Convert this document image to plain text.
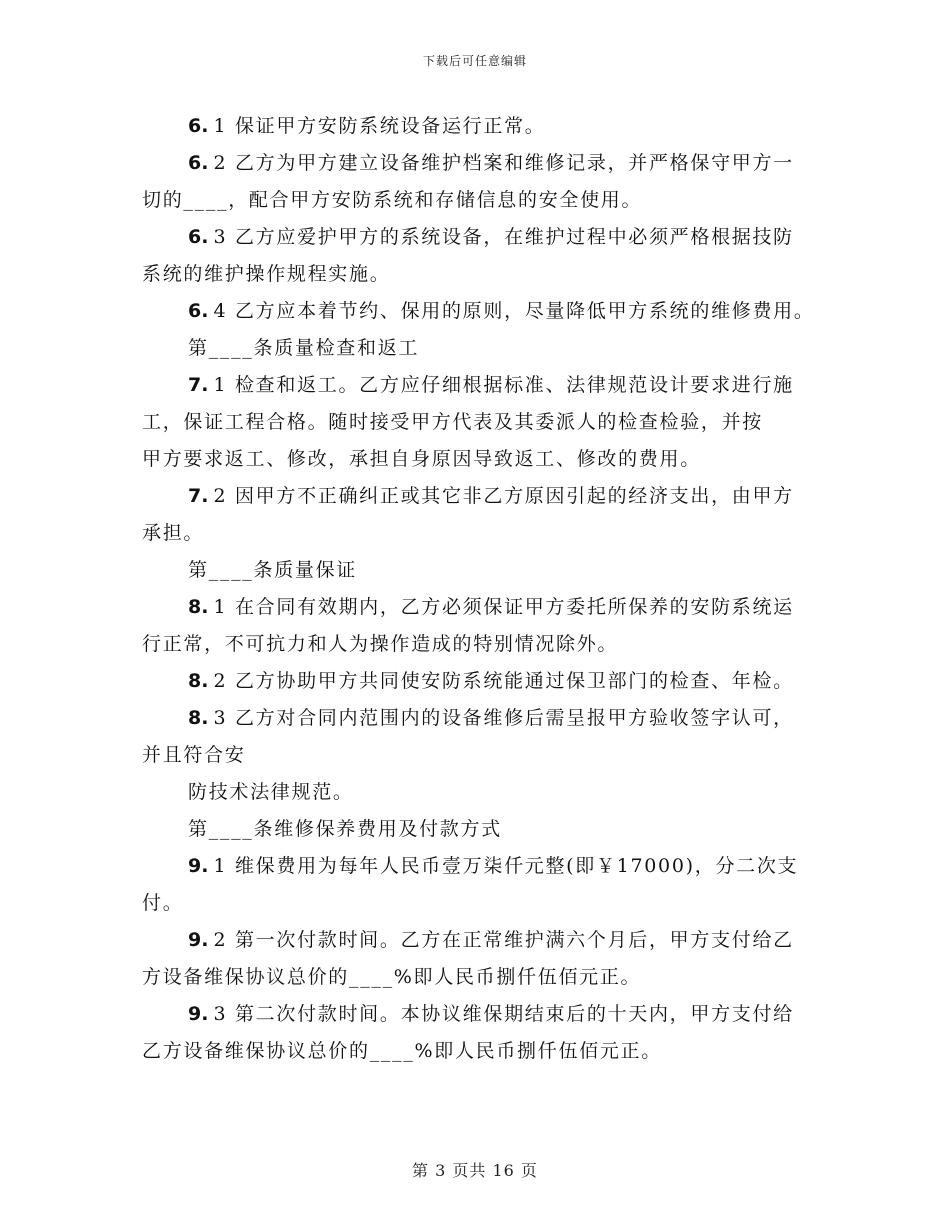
下载后可任意编辑
6. 1 保证甲方安防系统设备运行正常。
6. 2 乙方为甲方建立设备维护档案和维修记录，并严格保守甲方一
切的____，配合甲方安防系统和存储信息的安全使用。
6. 3 乙方应爱护甲方的系统设备，在维护过程中必须严格根据技防
系统的维护操作规程实施。
6. 4 乙方应本着节约、保用的原则，尽量降低甲方系统的维修费用。
第____条质量检查和返工
7. 1 检查和返工。乙方应仔细根据标准、法律规范设计要求进行施
工，保证工程合格。随时接受甲方代表及其委派人的检查检验，并按
甲方要求返工、修改，承担自身原因导致返工、修改的费用。
7. 2 因甲方不正确纠正或其它非乙方原因引起的经济支出，由甲方
承担。
第____条质量保证
8. 1 在合同有效期内，乙方必须保证甲方委托所保养的安防系统运
行正常，不可抗力和人为操作造成的特别情况除外。
8. 2 乙方协助甲方共同使安防系统能通过保卫部门的检查、年检。
8. 3 乙方对合同内范围内的设备维修后需呈报甲方验收签字认可，
并且符合安
防技术法律规范。
第____条维修保养费用及付款方式
9. 1 维保费用为每年人民币壹万柒仟元整(即￥17000)，分二次支
付。
9. 2 第一次付款时间。乙方在正常维护满六个月后，甲方支付给乙
方设备维保协议总价的____%即人民币捌仟伍佰元正。
9. 3 第二次付款时间。本协议维保期结束后的十天内，甲方支付给
乙方设备维保协议总价的____%即人民币捌仟伍佰元正。
第 3 页共 16 页
